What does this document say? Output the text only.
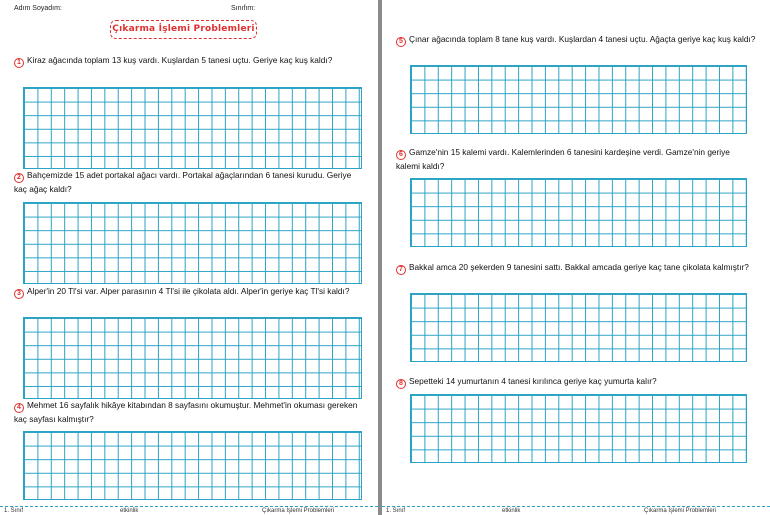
Adım Soyadım:	Sınıfım:
Çıkarma İşlemi Problemleri
1 Kiraz ağacında toplam 13 kuş vardı. Kuşlardan 5 tanesi uçtu. Geriye kaç kuş kaldı?
2 Bahçemizde 15 adet portakal ağacı vardı. Portakal ağaçlarından 6 tanesi kurudu. Geriye kaç ağaç kaldı?
3 Alper'in 20 Tl'si var. Alper parasının 4 Tl'si ile çikolata aldı. Alper'in geriye kaç Tl'si kaldı?
4 Mehmet 16 sayfalık hikâye kitabından 8 sayfasını okumuştur. Mehmet'in okuması gereken kaç sayfası kalmıştır?
1. Sınıf	etkinlik	Çıkarma İşlemi Problemleri
5 Çınar ağacında toplam 8 tane kuş vardı. Kuşlardan 4 tanesi uçtu. Ağaçta geriye kaç kuş kaldı?
6 Gamze'nin 15 kalemi vardı. Kalemlerinden 6 tanesini kardeşine verdi. Gamze'nin geriye kalemi kaldı?
7 Bakkal amca 20 şekerden 9 tanesini sattı. Bakkal amcada geriye kaç tane çikolata kalmıştır?
8 Sepetteki 14 yumurtanın 4 tanesi kırılınca geriye kaç yumurta kalır?
1. Sınıf	etkinlik	Çıkarma İşlemi Problemleri
